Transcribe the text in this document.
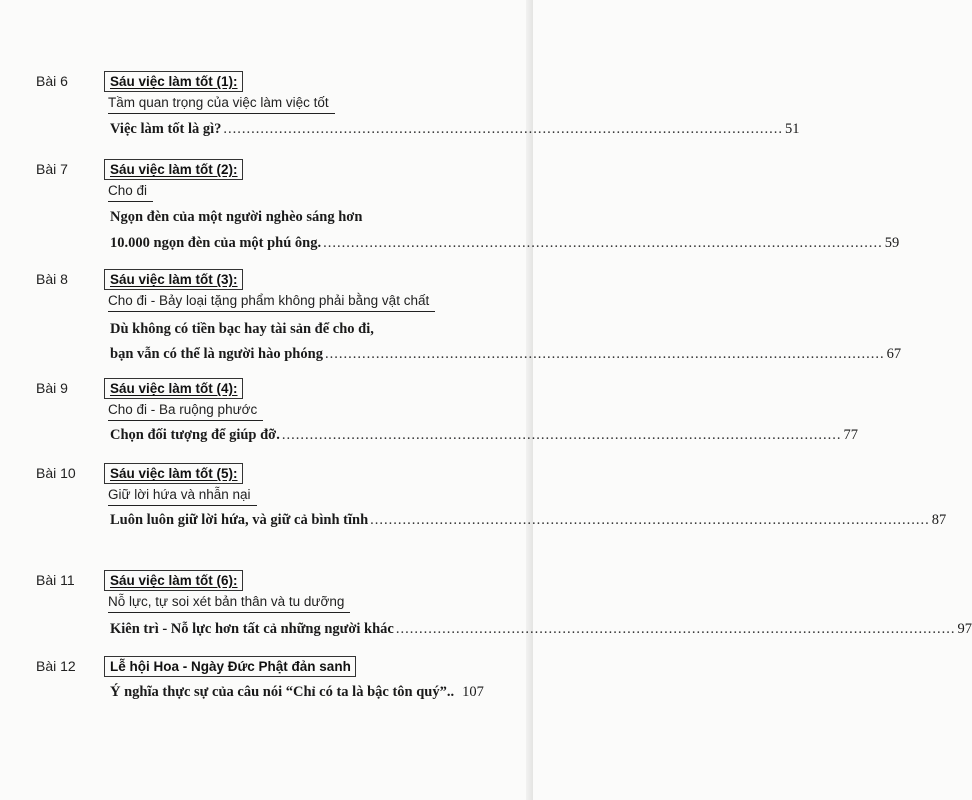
Bài 6	Sáu việc làm tốt (1):
Tầm quan trọng của việc làm việc tốt
Việc làm tốt là gì? ......................................................................................................................... 51
Bài 7	Sáu việc làm tốt (2):
Cho đi
Ngọn đèn của một người nghèo sáng hơn
10.000 ngọn đèn của một phú ông. ......................................................................................................................... 59
Bài 8	Sáu việc làm tốt (3):
Cho đi - Bảy loại tặng phẩm không phải bằng vật chất
Dù không có tiền bạc hay tài sản để cho đi,
bạn vẫn có thể là người hào phóng ......................................................................................................................... 67
Bài 9	Sáu việc làm tốt (4):
Cho đi - Ba ruộng phước
Chọn đối tượng để giúp đỡ. ......................................................................................................................... 77
Bài 10	Sáu việc làm tốt (5):
Giữ lời hứa và nhẫn nại
Luôn luôn giữ lời hứa, và giữ cả bình tĩnh ......................................................................................................................... 87
Bài 11	Sáu việc làm tốt (6):
Nỗ lực, tự soi xét bản thân và tu dưỡng
Kiên trì - Nỗ lực hơn tất cả những người khác ......................................................................................................................... 97
Bài 12	Lễ hội Hoa - Ngày Đức Phật đản sanh
Ý nghĩa thực sự của câu nói “Chỉ có ta là bậc tôn quý”.. 107
